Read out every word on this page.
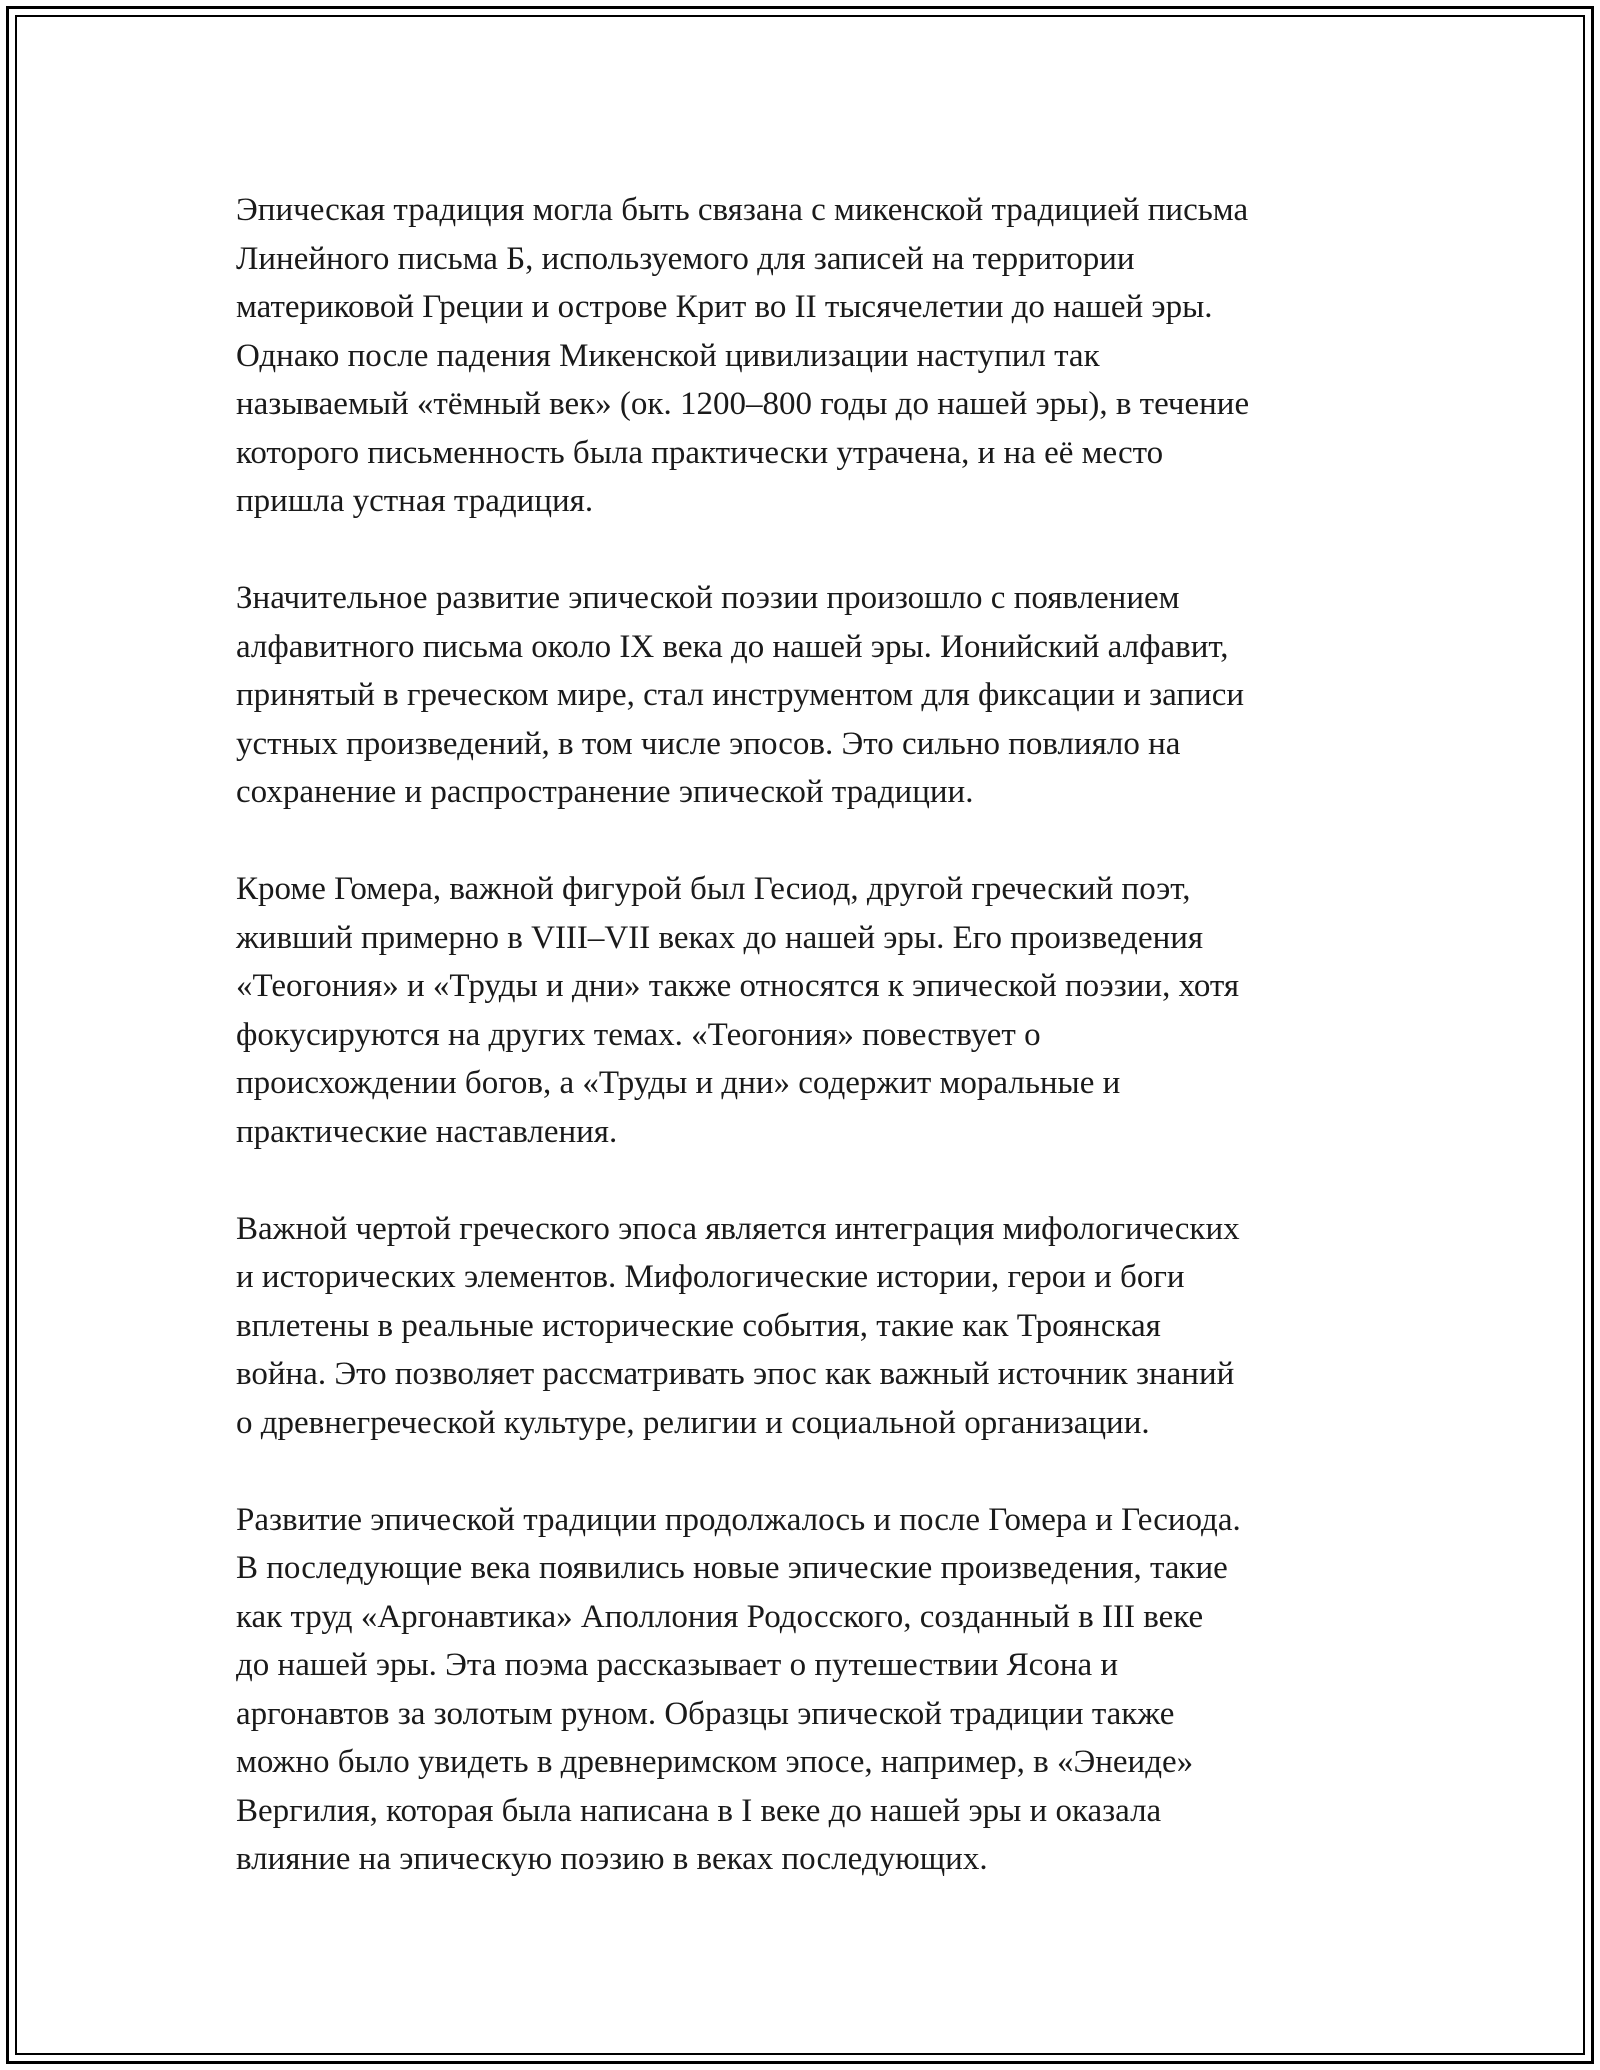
Эпическая традиция могла быть связана с микенской традицией письма
Линейного письма Б, используемого для записей на территории
материковой Греции и острове Крит во II тысячелетии до нашей эры.
Однако после падения Микенской цивилизации наступил так
называемый «тёмный век» (ок. 1200–800 годы до нашей эры), в течение
которого письменность была практически утрачена, и на её место
пришла устная традиция.

Значительное развитие эпической поэзии произошло с появлением
алфавитного письма около IX века до нашей эры. Ионийский алфавит,
принятый в греческом мире, стал инструментом для фиксации и записи
устных произведений, в том числе эпосов. Это сильно повлияло на
сохранение и распространение эпической традиции.

Кроме Гомера, важной фигурой был Гесиод, другой греческий поэт,
живший примерно в VIII–VII веках до нашей эры. Его произведения
«Теогония» и «Труды и дни» также относятся к эпической поэзии, хотя
фокусируются на других темах. «Теогония» повествует о
происхождении богов, а «Труды и дни» содержит моральные и
практические наставления.

Важной чертой греческого эпоса является интеграция мифологических
и исторических элементов. Мифологические истории, герои и боги
вплетены в реальные исторические события, такие как Троянская
война. Это позволяет рассматривать эпос как важный источник знаний
о древнегреческой культуре, религии и социальной организации.

Развитие эпической традиции продолжалось и после Гомера и Гесиода.
В последующие века появились новые эпические произведения, такие
как труд «Аргонавтика» Аполлония Родосского, созданный в III веке
до нашей эры. Эта поэма рассказывает о путешествии Ясона и
аргонавтов за золотым руном. Образцы эпической традиции также
можно было увидеть в древнеримском эпосе, например, в «Энеиде»
Вергилия, которая была написана в I веке до нашей эры и оказала
влияние на эпическую поэзию в веках последующих.
